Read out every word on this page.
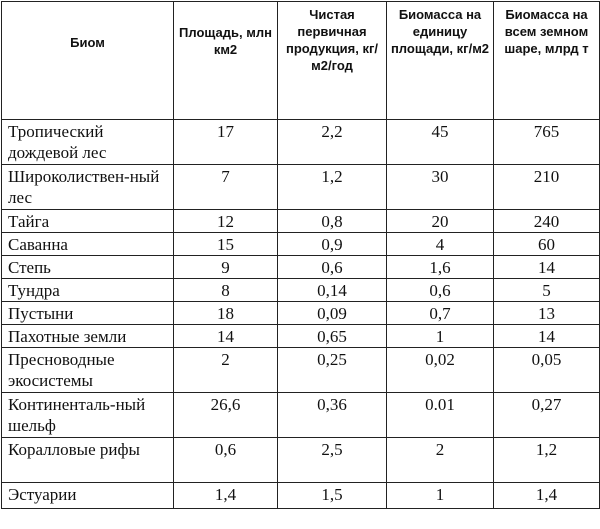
Биом	Площадь, млн км2	Чистая первичная продукция, кг/м2/год	Биомасса на единицу площади, кг/м2	Биомасса на всем земном шаре, млрд т
Тропический дождевой лес	17	2,2	45	765
Широколиствен-ный лес	7	1,2	30	210
Тайга	12	0,8	20	240
Саванна	15	0,9	4	60
Степь	9	0,6	1,6	14
Тундра	8	0,14	0,6	5
Пустыни	18	0,09	0,7	13
Пахотные земли	14	0,65	1	14
Пресноводные экосистемы	2	0,25	0,02	0,05
Континенталь-ный шельф	26,6	0,36	0.01	0,27
Коралловые рифы	0,6	2,5	2	1,2
Эстуарии	1,4	1,5	1	1,4
